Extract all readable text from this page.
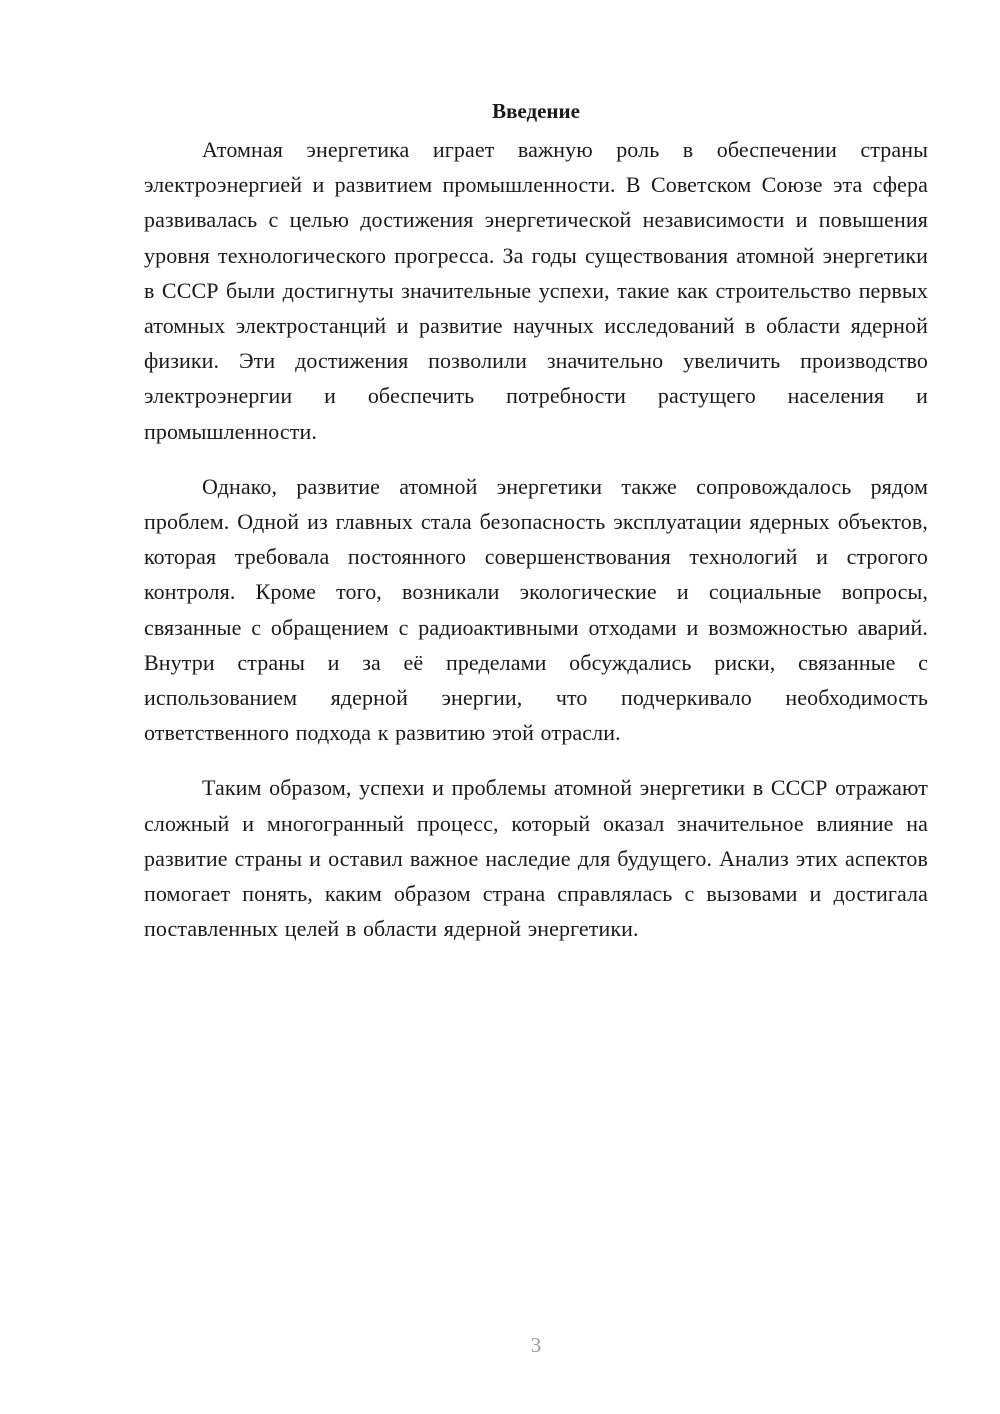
Введение

Атомная энергетика играет важную роль в обеспечении страны электроэнергией и развитием промышленности. В Советском Союзе эта сфера развивалась с целью достижения энергетической независимости и повышения уровня технологического прогресса. За годы существования атомной энергетики в СССР были достигнуты значительные успехи, такие как строительство первых атомных электростанций и развитие научных исследований в области ядерной физики. Эти достижения позволили значительно увеличить производство электроэнергии и обеспечить потребности растущего населения и промышленности.

Однако, развитие атомной энергетики также сопровождалось рядом проблем. Одной из главных стала безопасность эксплуатации ядерных объектов, которая требовала постоянного совершенствования технологий и строгого контроля. Кроме того, возникали экологические и социальные вопросы, связанные с обращением с радиоактивными отходами и возможностью аварий. Внутри страны и за её пределами обсуждались риски, связанные с использованием ядерной энергии, что подчеркивало необходимость ответственного подхода к развитию этой отрасли.

Таким образом, успехи и проблемы атомной энергетики в СССР отражают сложный и многогранный процесс, который оказал значительное влияние на развитие страны и оставил важное наследие для будущего. Анализ этих аспектов помогает понять, каким образом страна справлялась с вызовами и достигала поставленных целей в области ядерной энергетики.

3
